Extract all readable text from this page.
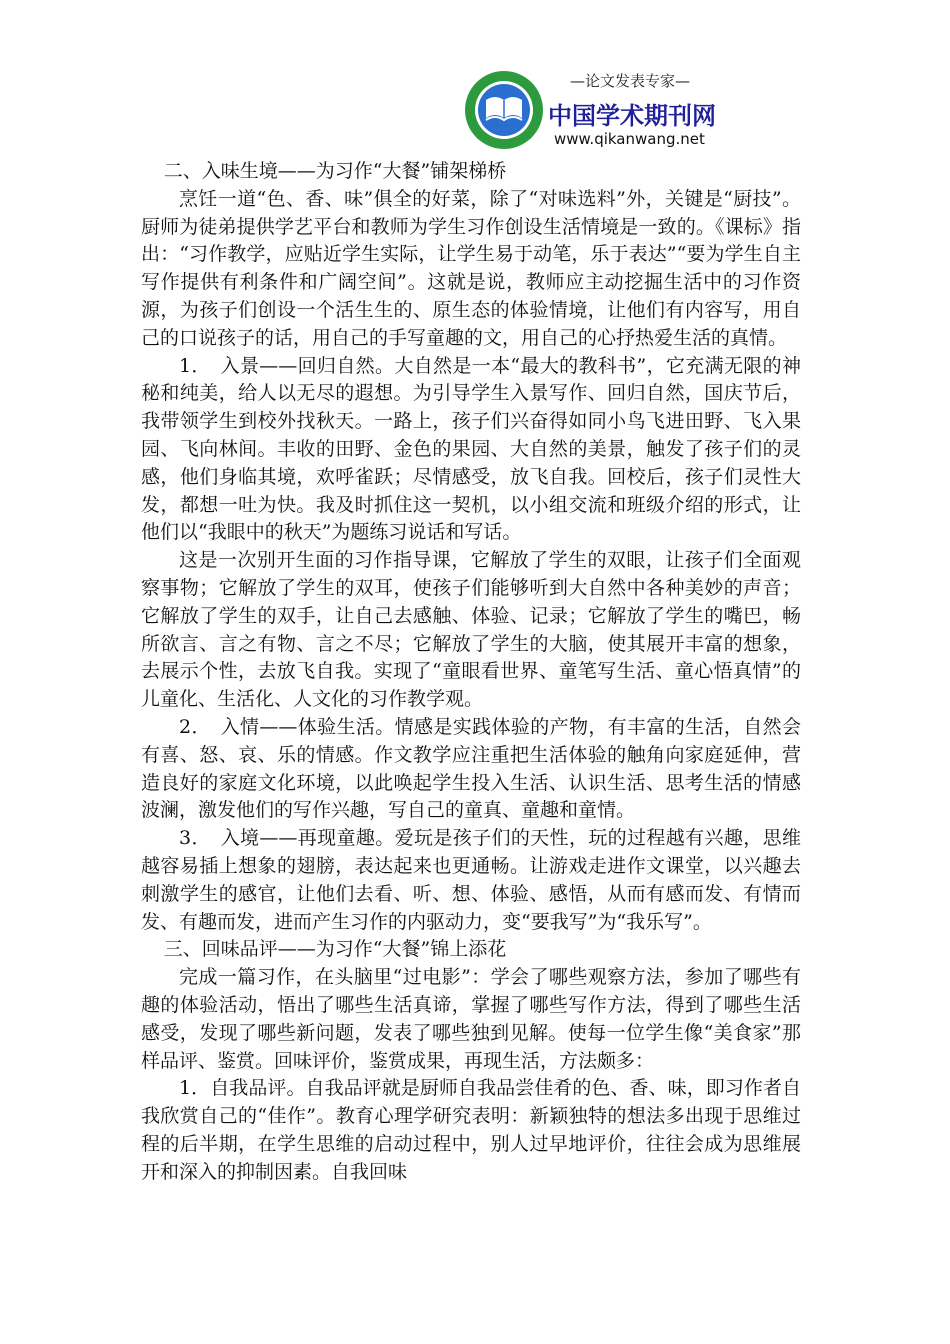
—论文发表专家—
中国学术期刊网
www.qikanwang.net

二、入味生境——为习作“大餐”铺架梯桥

烹饪一道“色、香、味”俱全的好菜，除了“对味选料”外，关键是“厨技”。厨师为徒弟提供学艺平台和教师为学生习作创设生活情境是一致的。《课标》指出：“习作教学，应贴近学生实际，让学生易于动笔，乐于表达”“要为学生自主写作提供有利条件和广阔空间”。这就是说，教师应主动挖掘生活中的习作资源，为孩子们创设一个活生生的、原生态的体验情境，让他们有内容写，用自己的口说孩子的话，用自己的手写童趣的文，用自己的心抒热爱生活的真情。

1．　入景——回归自然。大自然是一本“最大的教科书”，它充满无限的神秘和纯美，给人以无尽的遐想。为引导学生入景写作、回归自然，国庆节后，我带领学生到校外找秋天。一路上，孩子们兴奋得如同小鸟飞进田野、飞入果园、飞向林间。丰收的田野、金色的果园、大自然的美景，触发了孩子们的灵感，他们身临其境，欢呼雀跃；尽情感受，放飞自我。回校后，孩子们灵性大发，都想一吐为快。我及时抓住这一契机，以小组交流和班级介绍的形式，让他们以“我眼中的秋天”为题练习说话和写话。

这是一次别开生面的习作指导课，它解放了学生的双眼，让孩子们全面观察事物；它解放了学生的双耳，使孩子们能够听到大自然中各种美妙的声音；它解放了学生的双手，让自己去感触、体验、记录；它解放了学生的嘴巴，畅所欲言、言之有物、言之不尽；它解放了学生的大脑，使其展开丰富的想象，去展示个性，去放飞自我。实现了“童眼看世界、童笔写生活、童心悟真情”的儿童化、生活化、人文化的习作教学观。

2．　入情——体验生活。情感是实践体验的产物，有丰富的生活，自然会有喜、怒、哀、乐的情感。作文教学应注重把生活体验的触角向家庭延伸，营造良好的家庭文化环境，以此唤起学生投入生活、认识生活、思考生活的情感波澜，激发他们的写作兴趣，写自己的童真、童趣和童情。

3．　入境——再现童趣。爱玩是孩子们的天性，玩的过程越有兴趣，思维越容易插上想象的翅膀，表达起来也更通畅。让游戏走进作文课堂，以兴趣去刺激学生的感官，让他们去看、听、想、体验、感悟，从而有感而发、有情而发、有趣而发，进而产生习作的内驱动力，变“要我写”为“我乐写”。

三、回味品评——为习作“大餐”锦上添花

完成一篇习作，在头脑里“过电影”：学会了哪些观察方法，参加了哪些有趣的体验活动，悟出了哪些生活真谛，掌握了哪些写作方法，得到了哪些生活感受，发现了哪些新问题，发表了哪些独到见解。使每一位学生像“美食家”那样品评、鉴赏。回味评价，鉴赏成果，再现生活，方法颇多：

1．自我品评。自我品评就是厨师自我品尝佳肴的色、香、味，即习作者自我欣赏自己的“佳作”。教育心理学研究表明：新颖独特的想法多出现于思维过程的后半期，在学生思维的启动过程中，别人过早地评价，往往会成为思维展开和深入的抑制因素。自我回味
